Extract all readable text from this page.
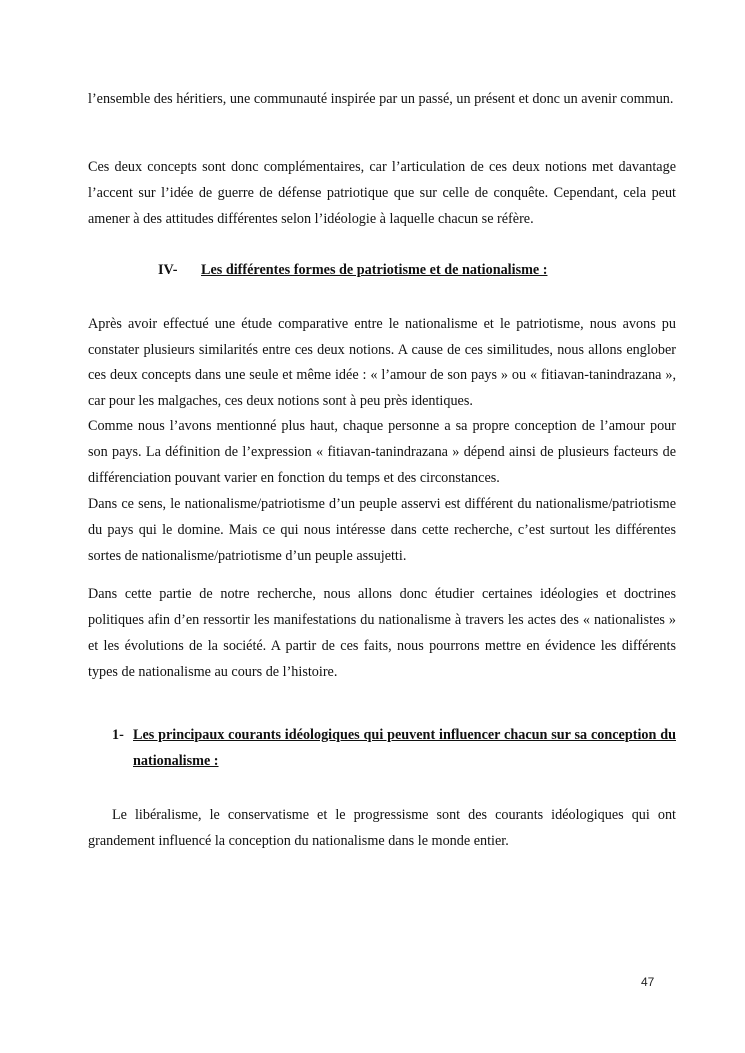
l’ensemble des héritiers, une communauté inspirée par un passé, un présent et donc un avenir commun.

Ces deux concepts sont donc complémentaires, car l’articulation de ces deux notions met davantage l’accent sur l’idée de guerre de défense patriotique que sur celle de conquête. Cependant, cela peut amener à des attitudes différentes selon l’idéologie à laquelle chacun se réfère.

IV- Les différentes formes de patriotisme et de nationalisme :
Après avoir effectué une étude comparative entre le nationalisme et le patriotisme, nous avons pu constater plusieurs similarités entre ces deux notions. A cause de ces similitudes, nous allons englober ces deux concepts dans une seule et même idée : « l’amour de son pays » ou « fitiavan-tanindrazana », car pour les malgaches, ces deux notions sont à peu près identiques.
Comme nous l’avons mentionné plus haut, chaque personne a sa propre conception de l’amour pour son pays. La définition de l’expression « fitiavan-tanindrazana » dépend ainsi de plusieurs facteurs de différenciation pouvant varier en fonction du temps et des circonstances.

Dans ce sens, le nationalisme/patriotisme d’un peuple asservi est différent du nationalisme/patriotisme du pays qui le domine. Mais ce qui nous intéresse dans cette recherche, c’est surtout les différentes sortes de nationalisme/patriotisme d’un peuple assujetti.

Dans cette partie de notre recherche, nous allons donc étudier certaines idéologies et doctrines politiques afin d’en ressortir les manifestations du nationalisme à travers les actes des « nationalistes » et les évolutions de la société. A partir de ces faits, nous pourrons mettre en évidence les différents types de nationalisme au cours de l’histoire.

1- Les principaux courants idéologiques qui peuvent influencer chacun sur sa conception du nationalisme :

Le libéralisme, le conservatisme et le progressisme sont des courants idéologiques qui ont grandement influencé la conception du nationalisme dans le monde entier.

47
